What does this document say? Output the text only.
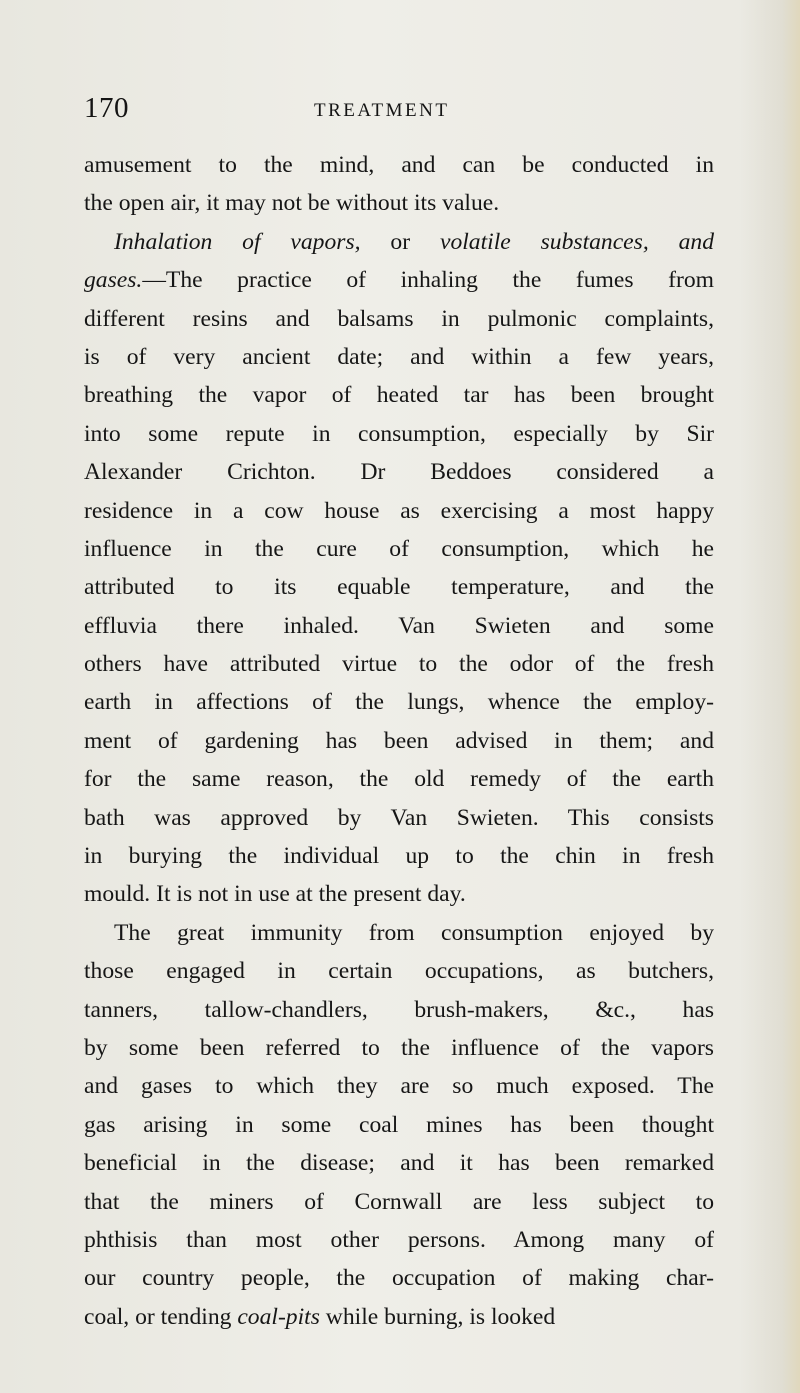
170	TREATMENT
amusement to the mind, and can be conducted in
the open air, it may not be without its value.
Inhalation of vapors, or volatile substances, and
gases.—The practice of inhaling the fumes from
different resins and balsams in pulmonic complaints,
is of very ancient date; and within a few years,
breathing the vapor of heated tar has been brought
into some repute in consumption, especially by Sir
Alexander Crichton. Dr Beddoes considered a
residence in a cow house as exercising a most happy
influence in the cure of consumption, which he
attributed to its equable temperature, and the
effluvia there inhaled. Van Swieten and some
others have attributed virtue to the odor of the fresh
earth in affections of the lungs, whence the employ-
ment of gardening has been advised in them; and
for the same reason, the old remedy of the earth
bath was approved by Van Swieten. This consists
in burying the individual up to the chin in fresh
mould. It is not in use at the present day.
The great immunity from consumption enjoyed by
those engaged in certain occupations, as butchers,
tanners, tallow-chandlers, brush-makers, &c., has
by some been referred to the influence of the vapors
and gases to which they are so much exposed. The
gas arising in some coal mines has been thought
beneficial in the disease; and it has been remarked
that the miners of Cornwall are less subject to
phthisis than most other persons. Among many of
our country people, the occupation of making char-
coal, or tending coal-pits while burning, is looked
